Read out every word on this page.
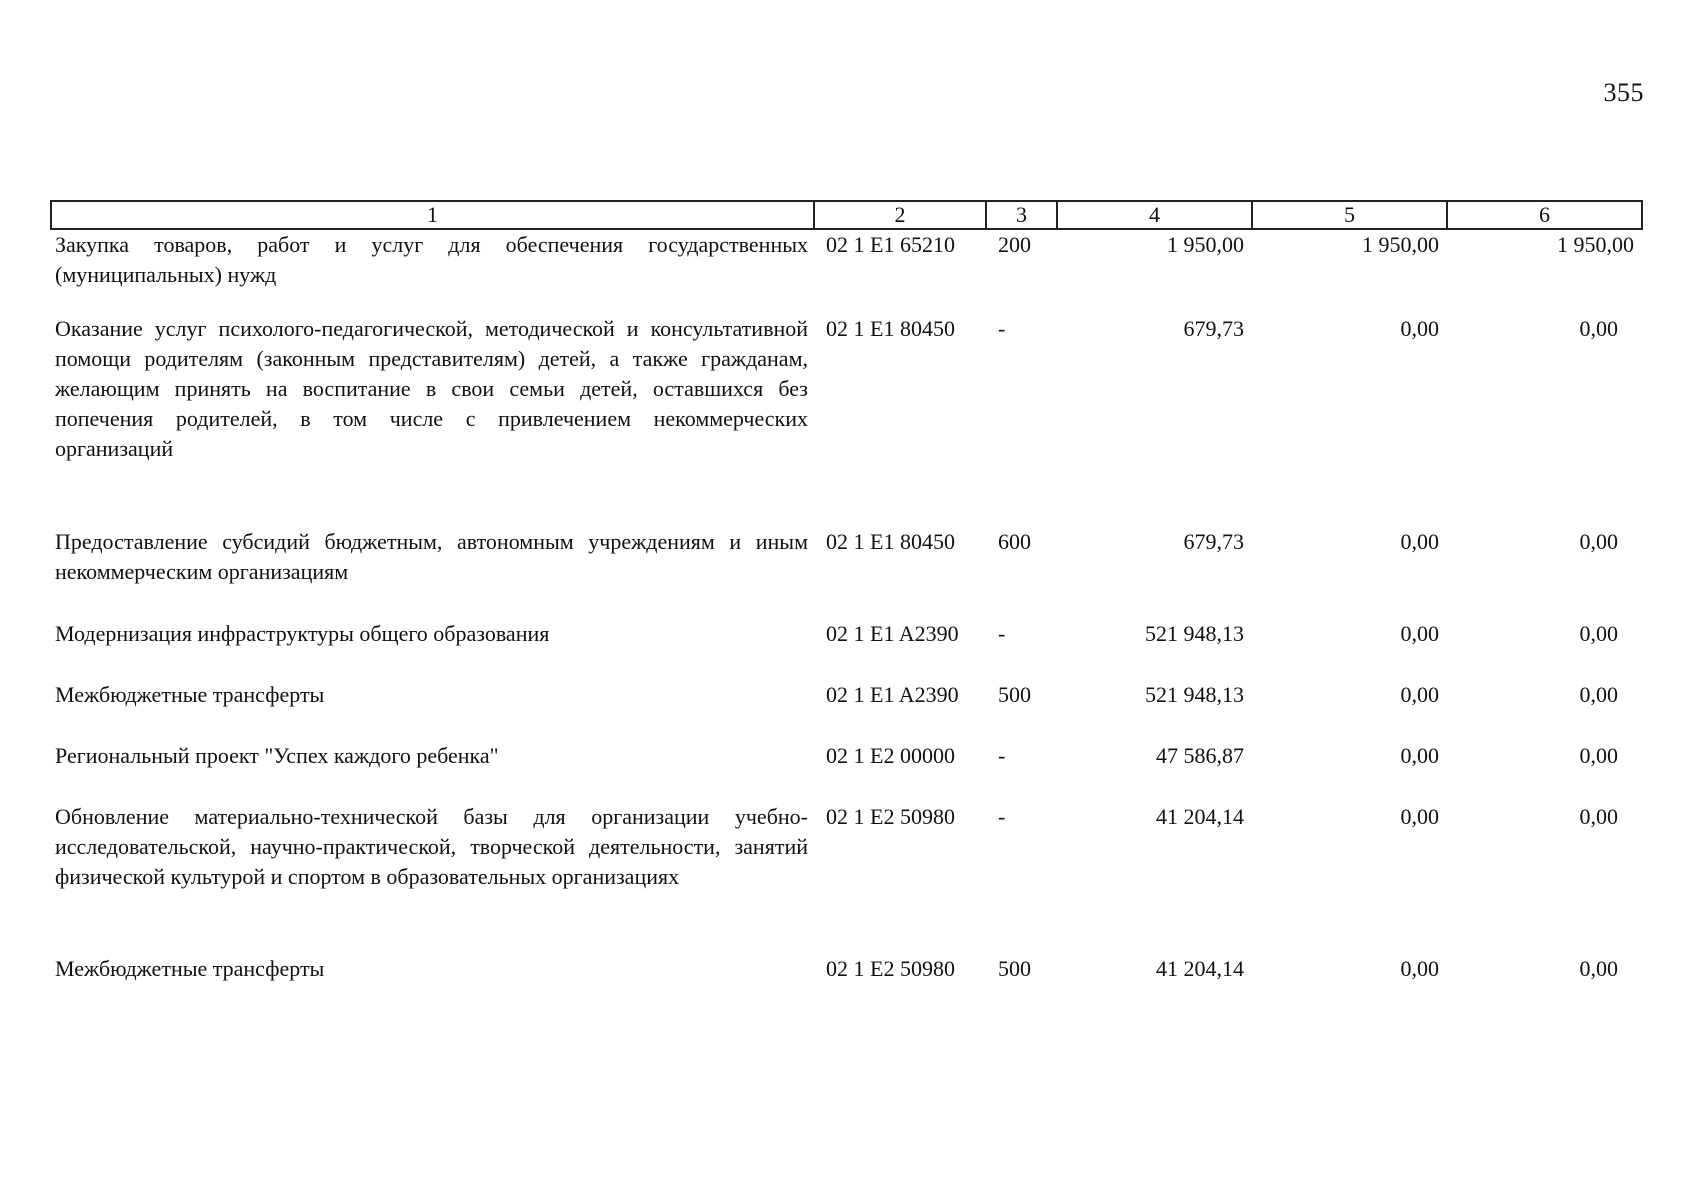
355
1	2	3	4	5	6
Закупка товаров, работ и услуг для обеспечения государственных (муниципальных) нужд	02 1 E1 65210	200	1 950,00	1 950,00	1 950,00
Оказание услуг психолого-педагогической, методической и консультативной помощи родителям (законным представителям) детей, а также гражданам, желающим принять на воспитание в свои семьи детей, оставшихся без попечения родителей, в том числе с привлечением некоммерческих организаций	02 1 E1 80450	-	679,73	0,00	0,00
Предоставление субсидий бюджетным, автономным учреждениям и иным некоммерческим организациям	02 1 E1 80450	600	679,73	0,00	0,00
Модернизация инфраструктуры общего образования	02 1 E1 A2390	-	521 948,13	0,00	0,00
Межбюджетные трансферты	02 1 E1 A2390	500	521 948,13	0,00	0,00
Региональный проект "Успех каждого ребенка"	02 1 E2 00000	-	47 586,87	0,00	0,00
Обновление материально-технической базы для организации учебно-исследовательской, научно-практической, творческой деятельности, занятий физической культурой и спортом в образовательных организациях	02 1 E2 50980	-	41 204,14	0,00	0,00
Межбюджетные трансферты	02 1 E2 50980	500	41 204,14	0,00	0,00
